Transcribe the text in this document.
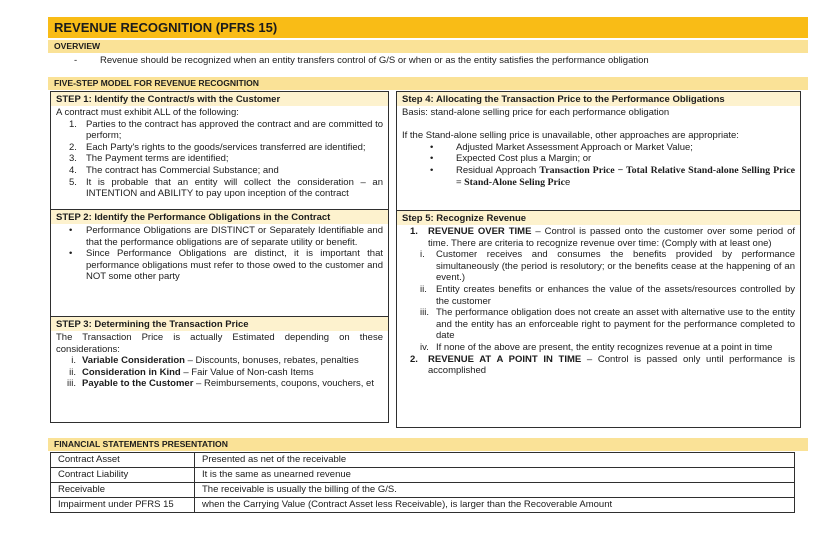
REVENUE RECOGNITION (PFRS 15)
OVERVIEW
-	Revenue should be recognized when an entity transfers control of G/S or when or as the entity satisfies the performance obligation
FIVE-STEP MODEL FOR REVENUE RECOGNITION
STEP 1: Identify the Contract/s with the Customer
A contract must exhibit ALL of the following:
1. Parties to the contract has approved the contract and are committed to perform;
2. Each Party's rights to the goods/services transferred are identified;
3. The Payment terms are identified;
4. The contract has Commercial Substance; and
5. It is probable that an entity will collect the consideration – an INTENTION and ABILITY to pay upon inception of the contract
STEP 2: Identify the Performance Obligations in the Contract
•	Performance Obligations are DISTINCT or Separately Identifiable and that the performance obligations are of separate utility or benefit.
•	Since Performance Obligations are distinct, it is important that performance obligations must refer to those owed to the customer and NOT some other party
STEP 3: Determining the Transaction Price
The Transaction Price is actually Estimated depending on these considerations:
i. Variable Consideration – Discounts, bonuses, rebates, penalties
ii. Consideration in Kind – Fair Value of Non-cash Items
iii. Payable to the Customer – Reimbursements, coupons, vouchers, et
Step 4: Allocating the Transaction Price to the Performance Obligations
Basis: stand-alone selling price for each performance obligation
If the Stand-alone selling price is unavailable, other approaches are appropriate:
•	Adjusted Market Assessment Approach or Market Value;
•	Expected Cost plus a Margin; or
•	Residual Approach Transaction Price − Total Relative Stand-alone Selling Price = Stand-Alone Seling Price
Step 5: Recognize Revenue
1.	REVENUE OVER TIME – Control is passed onto the customer over some period of time. There are criteria to recognize revenue over time: (Comply with at least one)
i.	Customer receives and consumes the benefits provided by performance simultaneously (the period is resolutory; or the benefits cease at the happening of an event.)
ii. Entity creates benefits or enhances the value of the assets/resources controlled by the customer
iii. The performance obligation does not create an asset with alternative use to the entity and the entity has an enforceable right to payment for the performance completed to date
iv. If none of the above are present, the entity recognizes revenue at a point in time
2.	REVENUE AT A POINT IN TIME – Control is passed only until performance is accomplished
FINANCIAL STATEMENTS PRESENTATION
Contract Asset	Presented as net of the receivable
Contract Liability	It is the same as unearned revenue
Receivable	The receivable is usually the billing of the G/S.
Impairment under PFRS 15	when the Carrying Value (Contract Asset less Receivable), is larger than the Recoverable Amount
